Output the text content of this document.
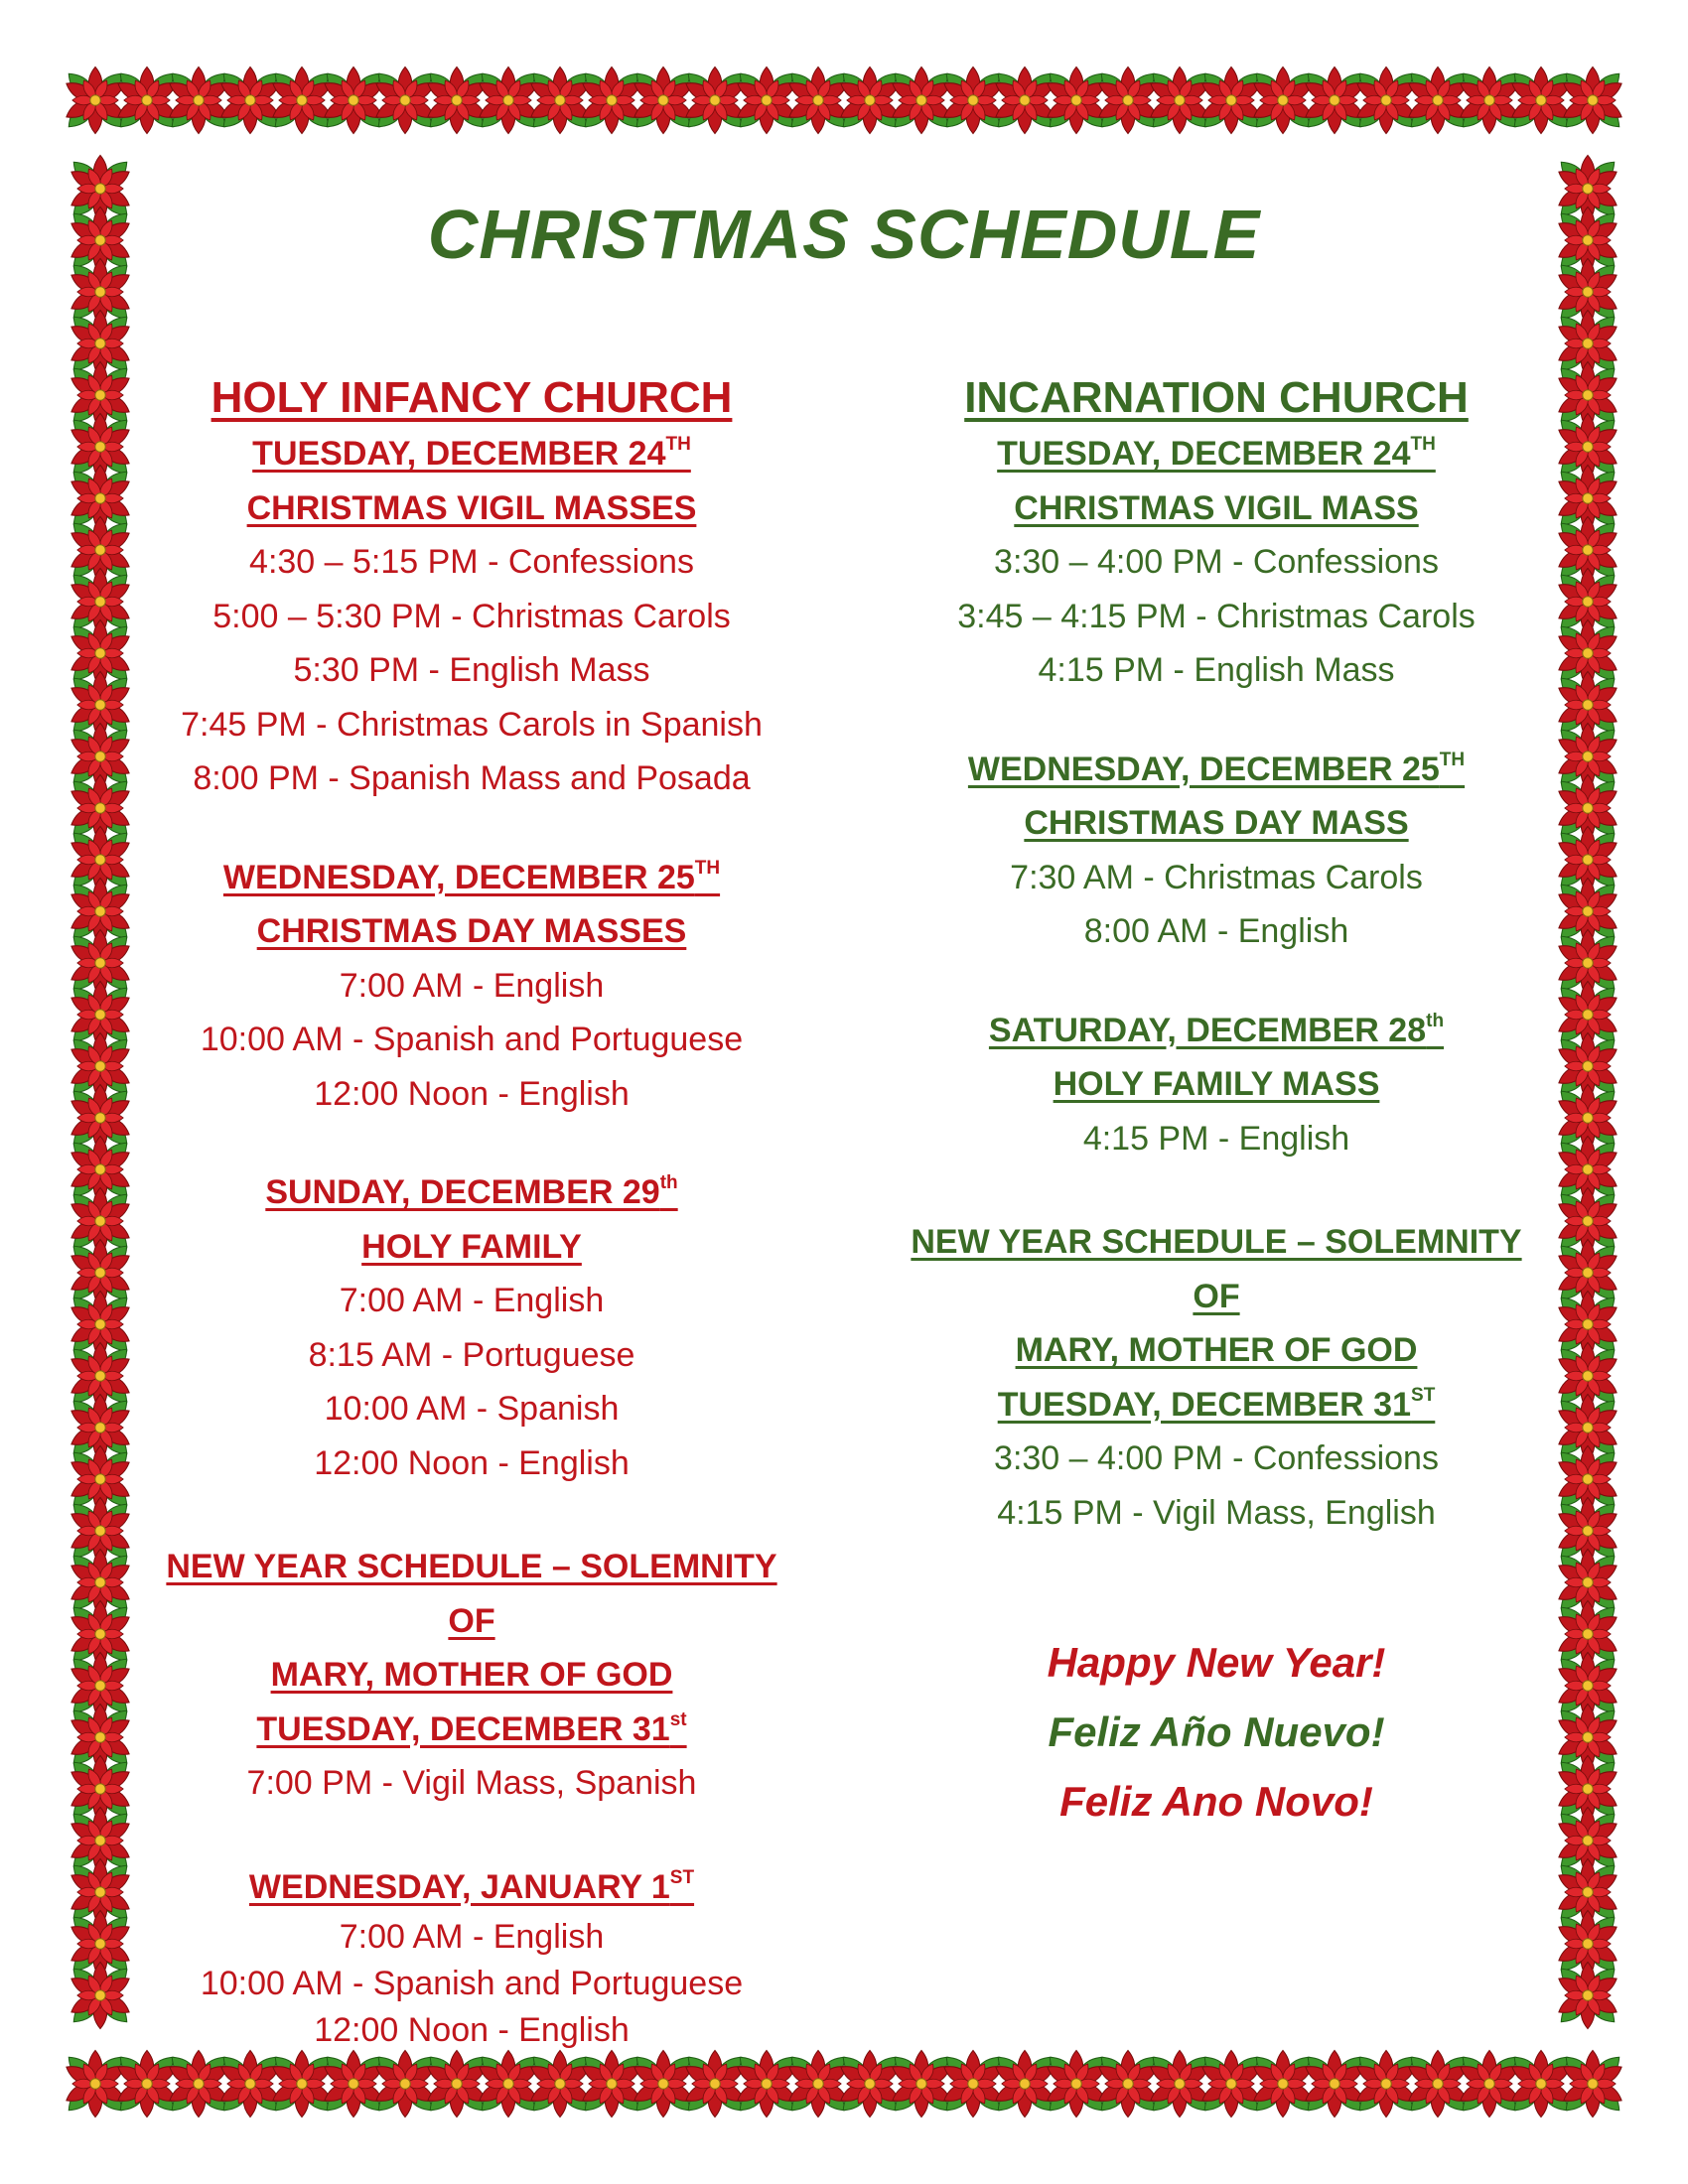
CHRISTMAS SCHEDULE
HOLY INFANCY CHURCH
TUESDAY, DECEMBER 24TH
CHRISTMAS VIGIL MASSES
4:30 – 5:15 PM - Confessions
5:00 – 5:30 PM - Christmas Carols
5:30 PM - English Mass
7:45 PM - Christmas Carols in Spanish
8:00 PM - Spanish Mass and Posada
WEDNESDAY, DECEMBER 25TH
CHRISTMAS DAY MASSES
7:00 AM - English
10:00 AM - Spanish and Portuguese
12:00 Noon - English
SUNDAY, DECEMBER 29th
HOLY FAMILY
7:00 AM - English
8:15 AM - Portuguese
10:00 AM - Spanish
12:00 Noon - English
NEW YEAR SCHEDULE – SOLEMNITY OF
MARY, MOTHER OF GOD
TUESDAY, DECEMBER 31st
7:00 PM - Vigil Mass, Spanish
WEDNESDAY, JANUARY 1ST
7:00 AM - English
10:00 AM - Spanish and Portuguese
12:00 Noon - English
INCARNATION CHURCH
TUESDAY, DECEMBER 24TH
CHRISTMAS VIGIL MASS
3:30 – 4:00 PM - Confessions
3:45 – 4:15 PM - Christmas Carols
4:15 PM - English Mass
WEDNESDAY, DECEMBER 25TH
CHRISTMAS DAY MASS
7:30 AM - Christmas Carols
8:00 AM - English
SATURDAY, DECEMBER 28th
HOLY FAMILY MASS
4:15 PM - English
NEW YEAR SCHEDULE – SOLEMNITY OF
MARY, MOTHER OF GOD
TUESDAY, DECEMBER 31ST
3:30 – 4:00 PM - Confessions
4:15 PM - Vigil Mass, English
Happy New Year!
Feliz Año Nuevo!
Feliz Ano Novo!
